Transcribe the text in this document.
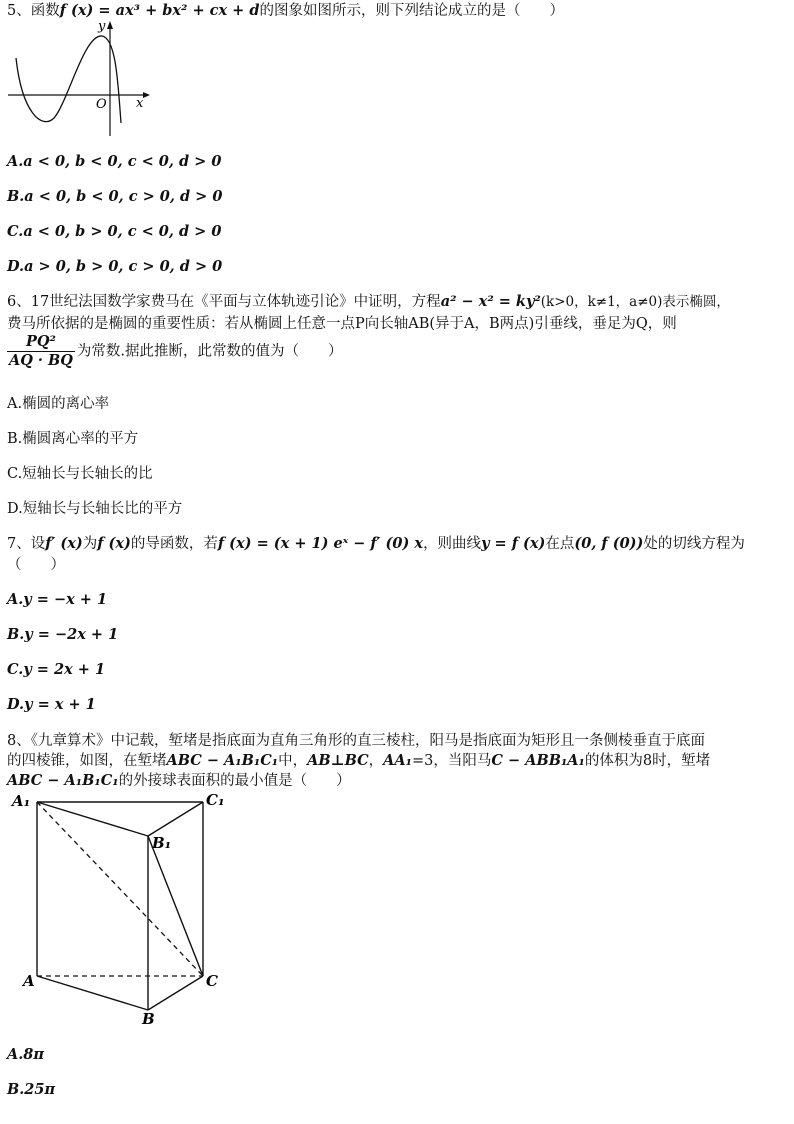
5、函数f (x) = ax³ + bx² + cx + d的图象如图所示，则下列结论成立的是（　　）
y
O x
A.a < 0, b < 0, c < 0, d > 0
B.a < 0, b < 0, c > 0, d > 0
C.a < 0, b > 0, c < 0, d > 0
D.a > 0, b > 0, c > 0, d > 0
6、17世纪法国数学家费马在《平面与立体轨迹引论》中证明，方程a² − x² = ky²(k>0，k≠1，a≠0)表示椭圆，
费马所依据的是椭圆的重要性质：若从椭圆上任意一点P向长轴AB(异于A，B两点)引垂线，垂足为Q，则
$\frac{\text{PQ²}}{AQ \cdot BQ}$ 为常数.据此推断，此常数的值为（　　）
A.椭圆的离心率
B.椭圆离心率的平方
C.短轴长与长轴长的比
D.短轴长与长轴长比的平方
7、设f′ (x)为f (x)的导函数，若f (x) = (x + 1) eˣ − f′ (0) x，则曲线y = f (x)在点(0, f (0))处的切线方程为
（　　）
A.y = −x + 1
B.y = −2x + 1
C.y = 2x + 1
D.y = x + 1
8、《九章算术》中记载，堑堵是指底面为直角三角形的直三棱柱，阳马是指底面为矩形且一条侧棱垂直于底面
的四棱锥，如图，在堑堵ABC − A₁B₁C₁中，AB⊥BC，AA₁=3，当阳马C − ABB₁A₁的体积为8时，堑堵
ABC − A₁B₁C₁的外接球表面积的最小值是（　　）
A₁	C₁
B₁
A	C
B
A.8π
B.25π
